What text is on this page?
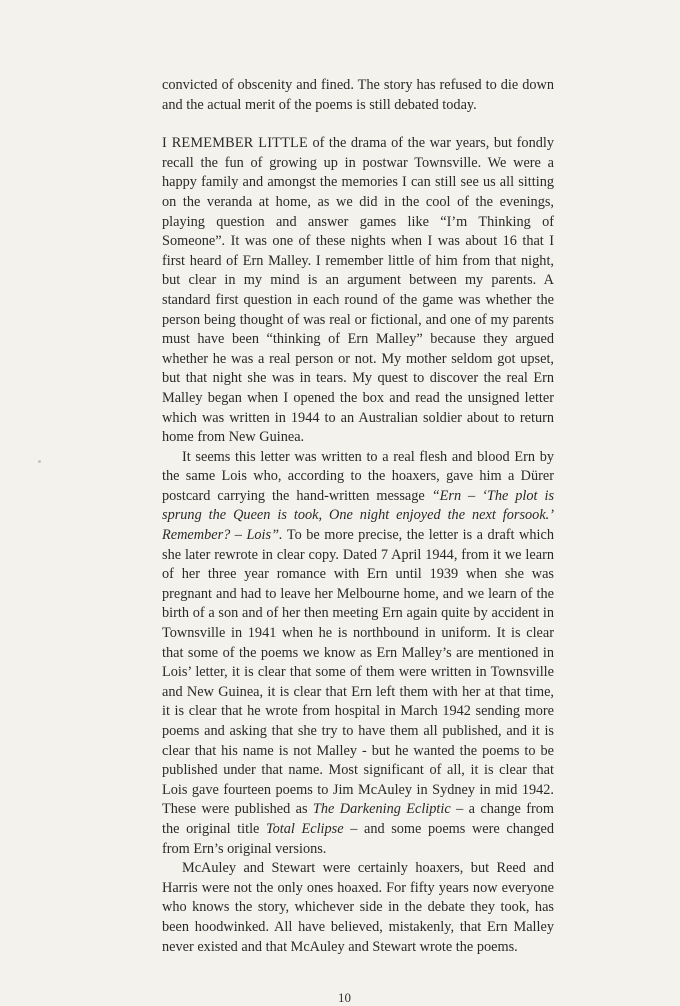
convicted of obscenity and fined. The story has refused to die down and the actual merit of the poems is still debated today.

I REMEMBER LITTLE of the drama of the war years, but fondly recall the fun of growing up in postwar Townsville. We were a happy family and amongst the memories I can still see us all sitting on the veranda at home, as we did in the cool of the evenings, playing question and answer games like “I’m Thinking of Someone”. It was one of these nights when I was about 16 that I first heard of Ern Malley. I remember little of him from that night, but clear in my mind is an argument between my parents. A standard first question in each round of the game was whether the person being thought of was real or fictional, and one of my parents must have been “thinking of Ern Malley” because they argued whether he was a real person or not. My mother seldom got upset, but that night she was in tears. My quest to discover the real Ern Malley began when I opened the box and read the unsigned letter which was written in 1944 to an Australian soldier about to return home from New Guinea.

It seems this letter was written to a real flesh and blood Ern by the same Lois who, according to the hoaxers, gave him a Dürer postcard carrying the hand-written message “Ern – ‘The plot is sprung the Queen is took, One night enjoyed the next forsook.’ Remember? – Lois”. To be more precise, the letter is a draft which she later rewrote in clear copy. Dated 7 April 1944, from it we learn of her three year romance with Ern until 1939 when she was pregnant and had to leave her Melbourne home, and we learn of the birth of a son and of her then meeting Ern again quite by accident in Townsville in 1941 when he is northbound in uniform. It is clear that some of the poems we know as Ern Malley’s are mentioned in Lois’ letter, it is clear that some of them were written in Townsville and New Guinea, it is clear that Ern left them with her at that time, it is clear that he wrote from hospital in March 1942 sending more poems and asking that she try to have them all published, and it is clear that his name is not Malley - but he wanted the poems to be published under that name. Most significant of all, it is clear that Lois gave fourteen poems to Jim McAuley in Sydney in mid 1942. These were published as The Darkening Ecliptic – a change from the original title Total Eclipse – and some poems were changed from Ern’s original versions.

McAuley and Stewart were certainly hoaxers, but Reed and Harris were not the only ones hoaxed. For fifty years now everyone who knows the story, whichever side in the debate they took, has been hoodwinked. All have believed, mistakenly, that Ern Malley never existed and that McAuley and Stewart wrote the poems.

10
